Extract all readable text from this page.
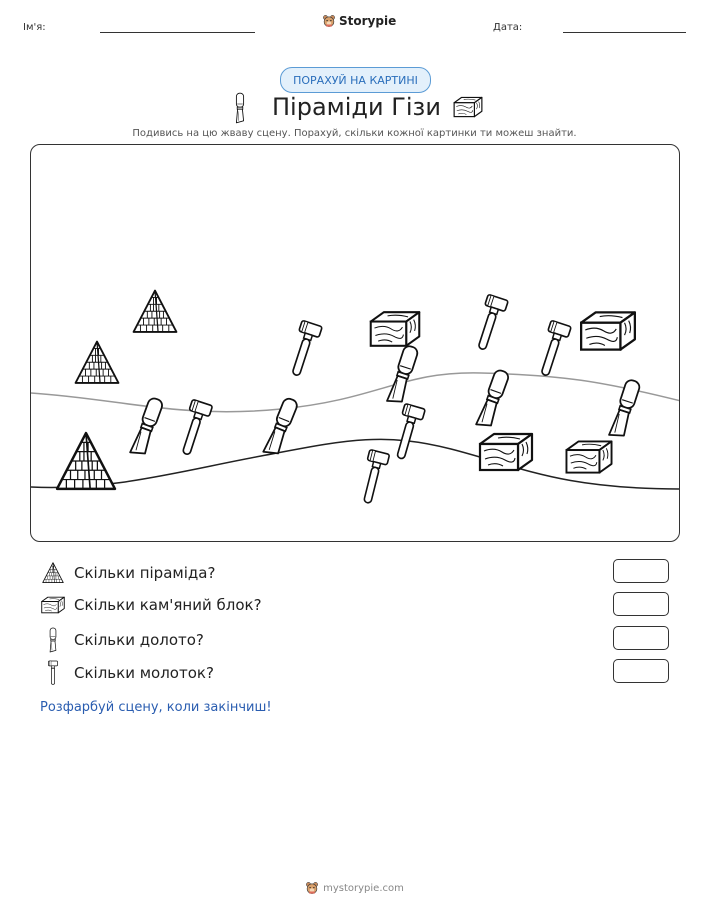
Ім'я:	Storypie	Дата:
ПОРАХУЙ НА КАРТИНІ
Піраміди Гізи
Подивись на цю жваву сцену. Порахуй, скільки кожної картинки ти можеш знайти.
Скільки піраміда?
Скільки кам'яний блок?
Скільки долото?
Скільки молоток?
Розфарбуй сцену, коли закінчиш!
mystorypie.com
